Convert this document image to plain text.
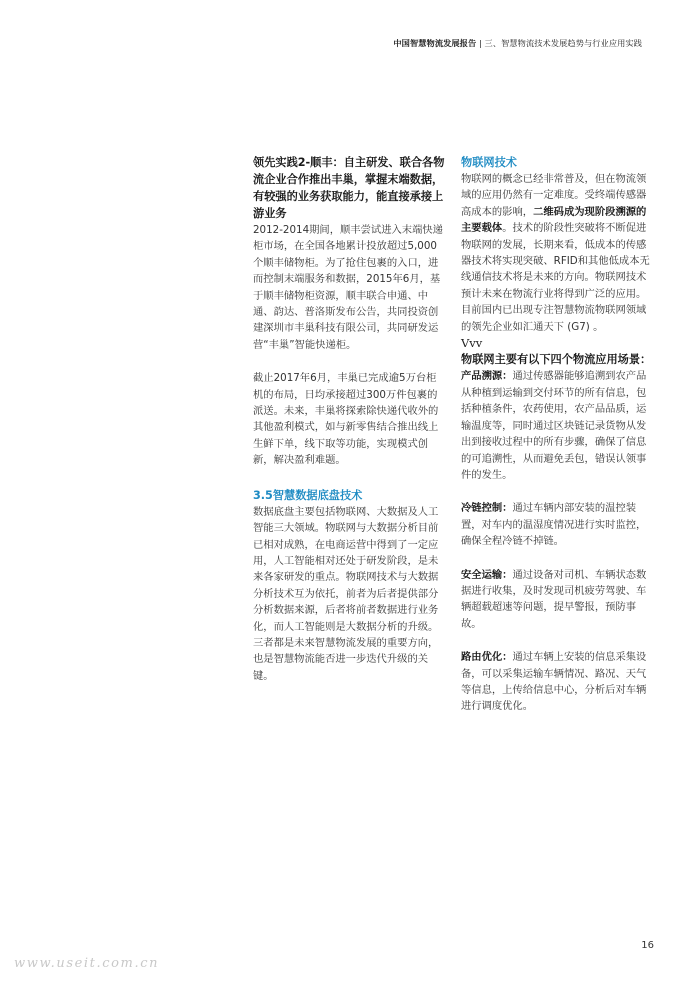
中国智慧物流发展报告 | 三、智慧物流技术发展趋势与行业应用实践

领先实践2-顺丰：自主研发、联合各物流企业合作推出丰巢，掌握末端数据，有较强的业务获取能力，能直接承接上游业务

2012-2014期间，顺丰尝试进入末端快递柜市场，在全国各地累计投放超过5,000个顺丰储物柜。为了抢住包裹的入口，进而控制末端服务和数据，2015年6月，基于顺丰储物柜资源，顺丰联合申通、中通、韵达、普洛斯发布公告，共同投资创建深圳市丰巢科技有限公司，共同研发运营“丰巢”智能快递柜。

截止2017年6月，丰巢已完成逾5万台柜机的布局，日均承接超过300万件包裹的派送。未来，丰巢将探索除快递代收外的其他盈利模式，如与新零售结合推出线上生鲜下单，线下取等功能，实现模式创新，解决盈利难题。

3.5智慧数据底盘技术

数据底盘主要包括物联网、大数据及人工智能三大领域。物联网与大数据分析目前已相对成熟，在电商运营中得到了一定应用，人工智能相对还处于研发阶段，是未来各家研发的重点。物联网技术与大数据分析技术互为依托，前者为后者提供部分分析数据来源，后者将前者数据进行业务化，而人工智能则是大数据分析的升级。三者都是未来智慧物流发展的重要方向，也是智慧物流能否进一步迭代升级的关键。

物联网技术

物联网的概念已经非常普及，但在物流领域的应用仍然有一定难度。受终端传感器高成本的影响，二维码成为现阶段溯源的主要载体。技术的阶段性突破将不断促进物联网的发展，长期来看，低成本的传感器技术将实现突破、RFID和其他低成本无线通信技术将是未来的方向。物联网技术预计未来在物流行业将得到广泛的应用。目前国内已出现专注智慧物流物联网领域的领先企业如汇通天下 (G7) 。

Vvv

物联网主要有以下四个物流应用场景：

产品溯源：通过传感器能够追溯到农产品从种植到运输到交付环节的所有信息，包括种植条件，农药使用，农产品品质，运输温度等，同时通过区块链记录货物从发出到接收过程中的所有步骤，确保了信息的可追溯性，从而避免丢包，错误认领事件的发生。

冷链控制：通过车辆内部安装的温控装置，对车内的温湿度情况进行实时监控，确保全程冷链不掉链。

安全运输：通过设备对司机、车辆状态数据进行收集，及时发现司机疲劳驾驶、车辆超载超速等问题，提早警报，预防事故。

路由优化：通过车辆上安装的信息采集设备，可以采集运输车辆情况、路况、天气等信息，上传给信息中心，分析后对车辆进行调度优化。

16
www.useit.com.cn
